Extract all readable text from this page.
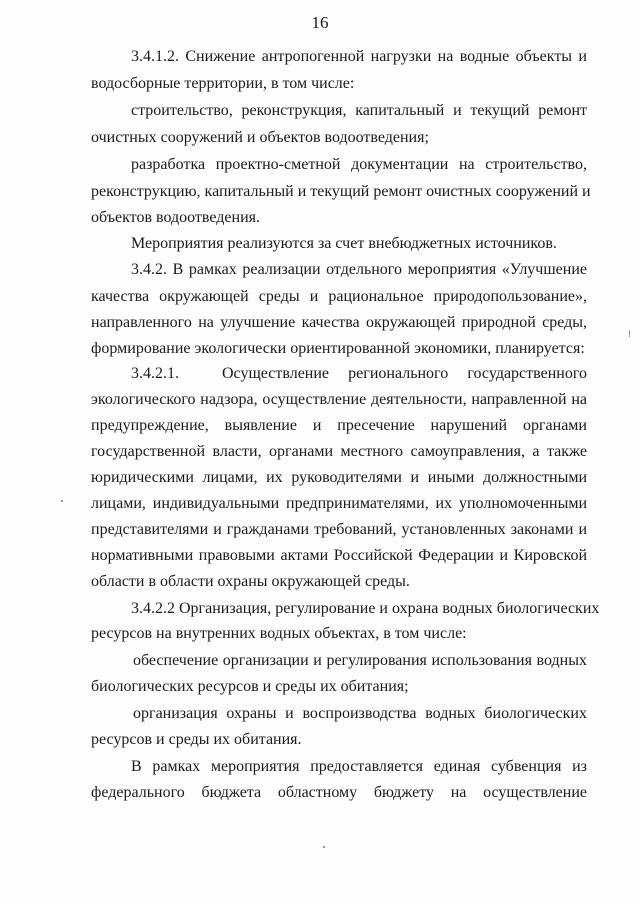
16
3.4.1.2. Снижение антропогенной нагрузки на водные объекты и
водосборные территории, в том числе:
строительство, реконструкция, капитальный и текущий ремонт
очистных сооружений и объектов водоотведения;
разработка проектно-сметной документации на строительство,
реконструкцию, капитальный и текущий ремонт очистных сооружений и
объектов водоотведения.
Мероприятия реализуются за счет внебюджетных источников.
3.4.2. В рамках реализации отдельного мероприятия «Улучшение
качества окружающей среды и рациональное природопользование»,
направленного на улучшение качества окружающей природной среды,
формирование экологически ориентированной экономики, планируется:
3.4.2.1.	Осуществление регионального государственного
экологического надзора, осуществление деятельности, направленной на
предупреждение, выявление и пресечение нарушений органами
государственной власти, органами местного самоуправления, а также
юридическими лицами, их руководителями и иными должностными
лицами, индивидуальными предпринимателями, их уполномоченными
представителями и гражданами требований, установленных законами и
нормативными правовыми актами Российской Федерации и Кировской
области в области охраны окружающей среды.
3.4.2.2 Организация, регулирование и охрана водных биологических
ресурсов на внутренних водных объектах, в том числе:
обеспечение организации и регулирования использования водных
биологических ресурсов и среды их обитания;
организация охраны и воспроизводства водных биологических
ресурсов и среды их обитания.
В рамках мероприятия предоставляется единая субвенция из
федерального бюджета областному бюджету на осуществление
